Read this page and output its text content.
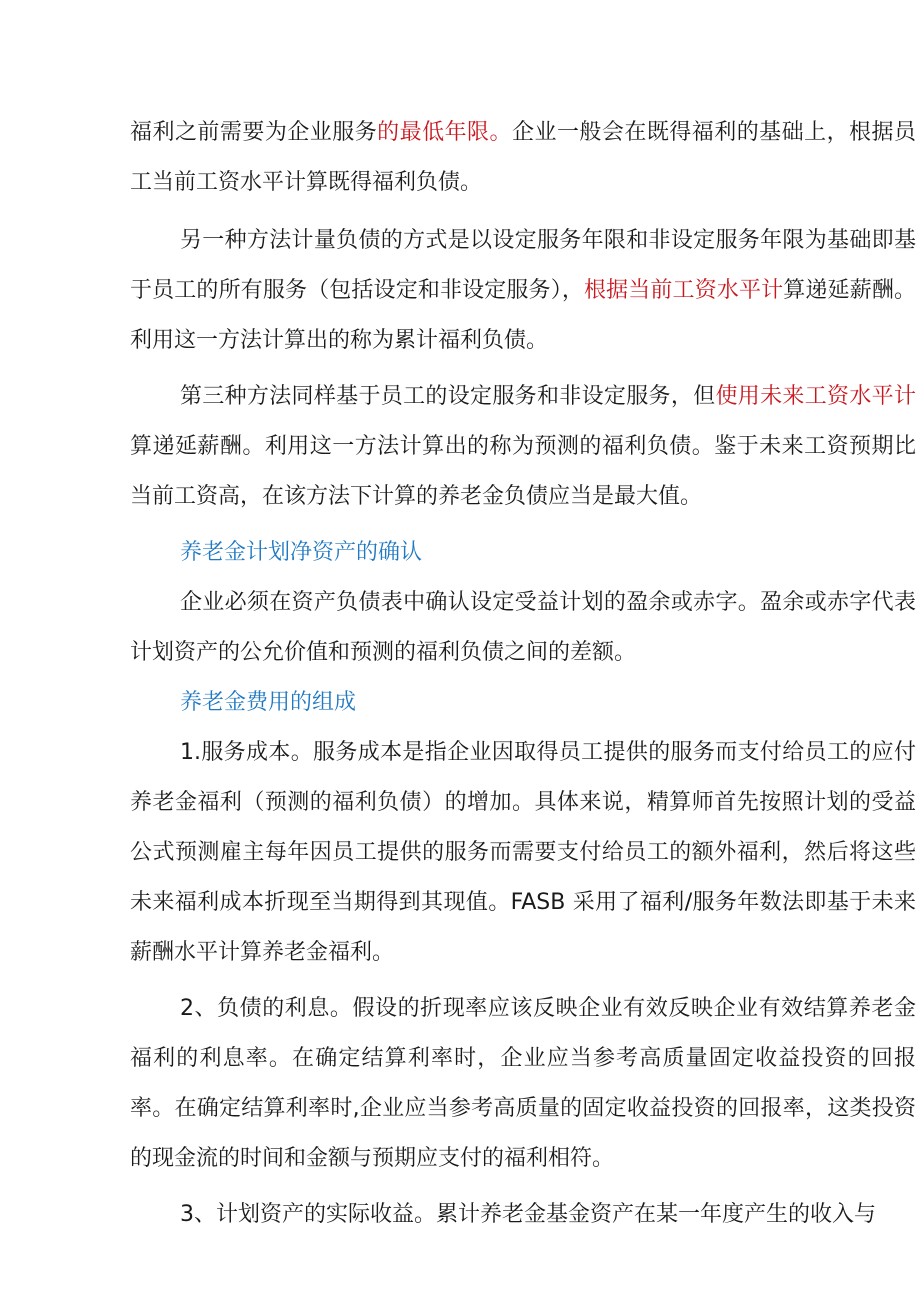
福利之前需要为企业服务的最低年限。企业一般会在既得福利的基础上，根据员工当前工资水平计算既得福利负债。

另一种方法计量负债的方式是以设定服务年限和非设定服务年限为基础即基于员工的所有服务（包括设定和非设定服务），根据当前工资水平计算递延薪酬。利用这一方法计算出的称为累计福利负债。

第三种方法同样基于员工的设定服务和非设定服务，但使用未来工资水平计算递延薪酬。利用这一方法计算出的称为预测的福利负债。鉴于未来工资预期比当前工资高，在该方法下计算的养老金负债应当是最大值。

养老金计划净资产的确认

企业必须在资产负债表中确认设定受益计划的盈余或赤字。盈余或赤字代表计划资产的公允价值和预测的福利负债之间的差额。

养老金费用的组成

1.服务成本。服务成本是指企业因取得员工提供的服务而支付给员工的应付养老金福利（预测的福利负债）的增加。具体来说，精算师首先按照计划的受益公式预测雇主每年因员工提供的服务而需要支付给员工的额外福利，然后将这些未来福利成本折现至当期得到其现值。FASB 采用了福利/服务年数法即基于未来薪酬水平计算养老金福利。

2、负债的利息。假设的折现率应该反映企业有效反映企业有效结算养老金福利的利息率。在确定结算利率时，企业应当参考高质量固定收益投资的回报率。在确定结算利率时,企业应当参考高质量的固定收益投资的回报率，这类投资的现金流的时间和金额与预期应支付的福利相符。

3、计划资产的实际收益。累计养老金基金资产在某一年度产生的收入与
